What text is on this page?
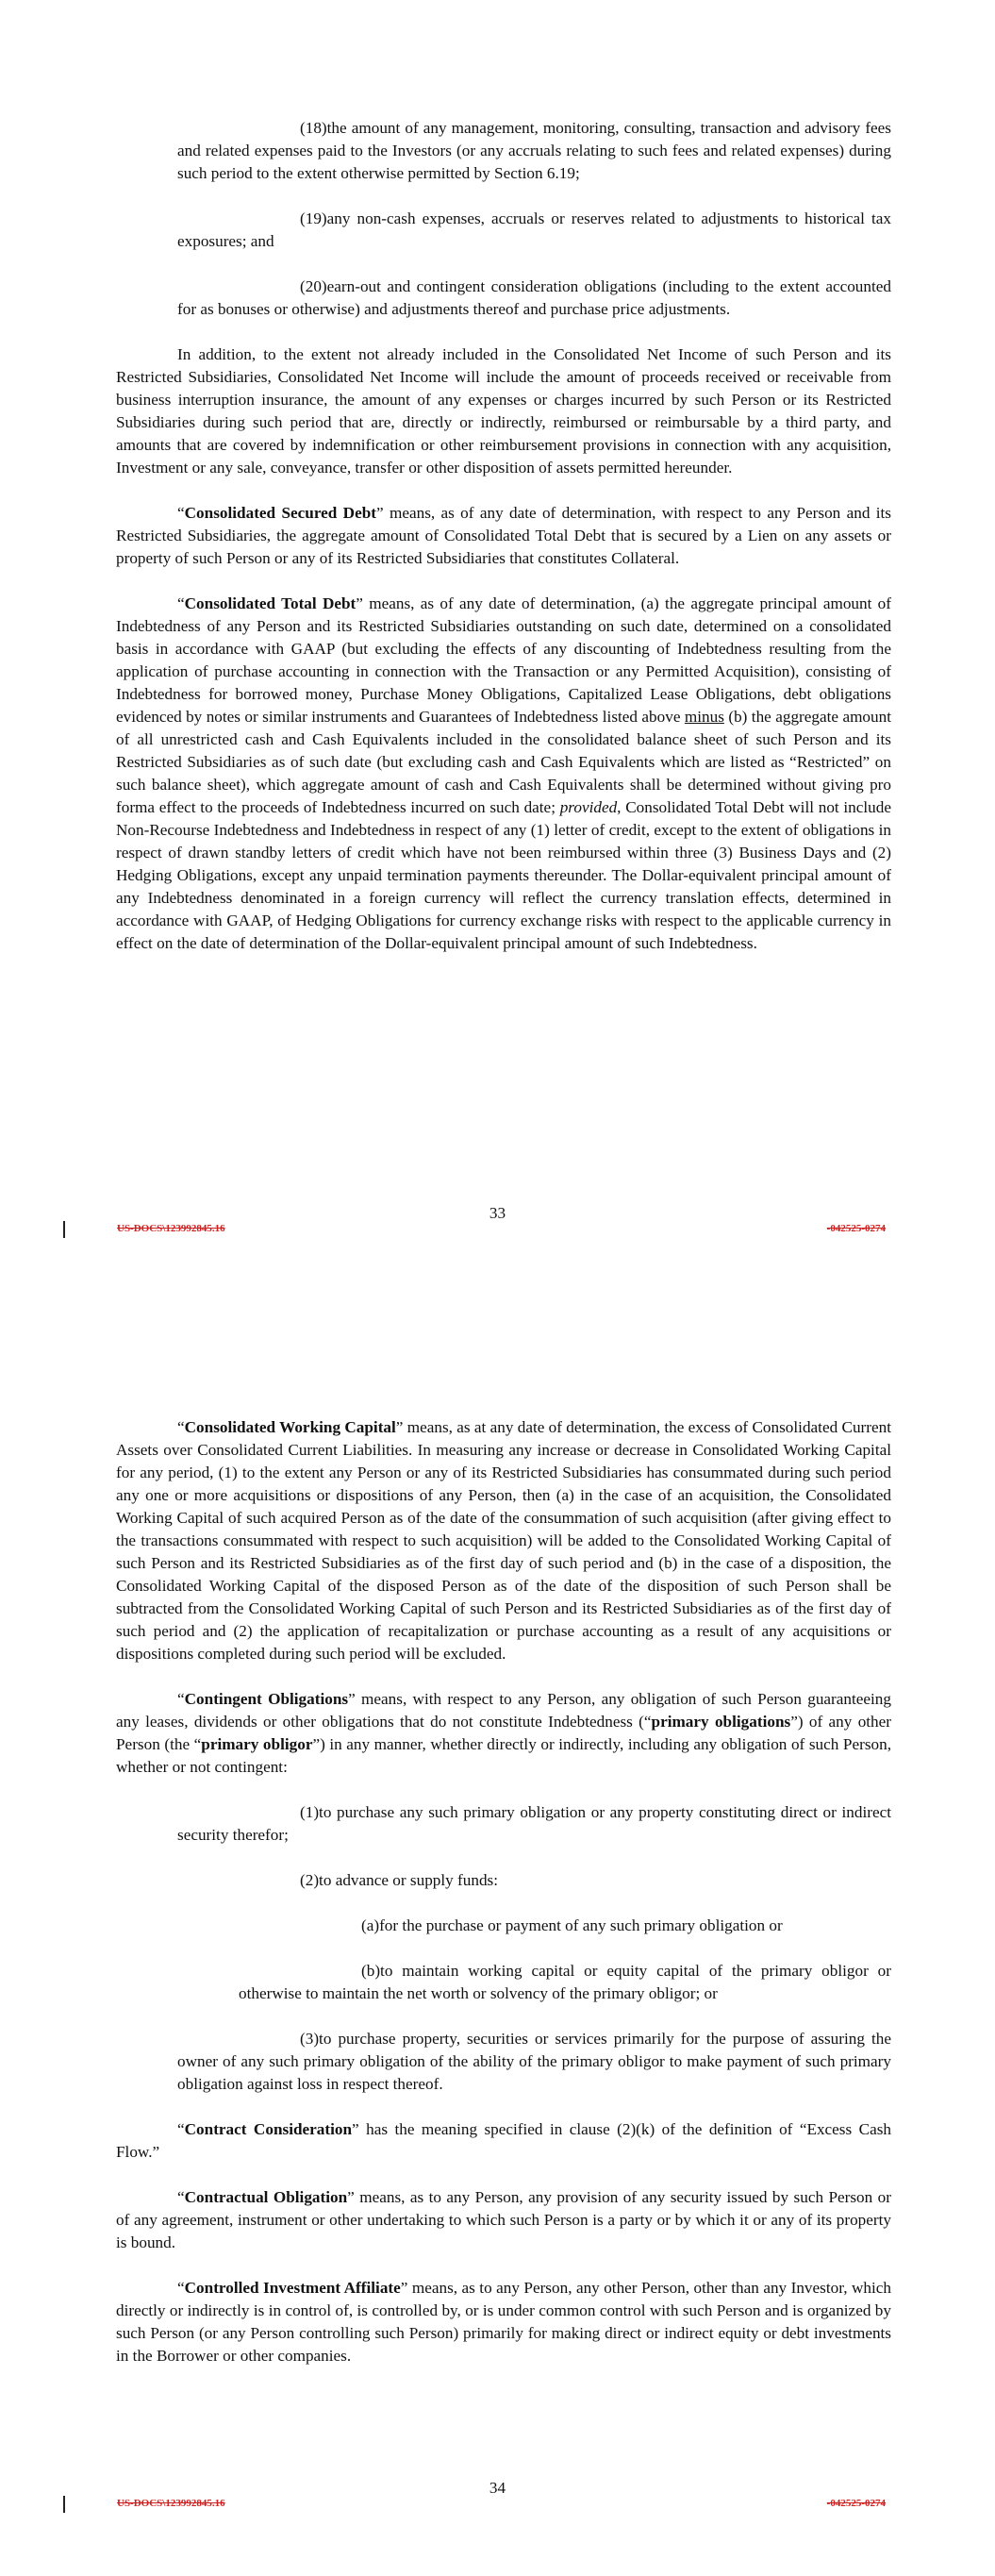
(18)the amount of any management, monitoring, consulting, transaction and advisory fees and related expenses paid to the Investors (or any accruals relating to such fees and related expenses) during such period to the extent otherwise permitted by Section 6.19;

(19)any non-cash expenses, accruals or reserves related to adjustments to historical tax exposures; and

(20)earn-out and contingent consideration obligations (including to the extent accounted for as bonuses or otherwise) and adjustments thereof and purchase price adjustments.

In addition, to the extent not already included in the Consolidated Net Income of such Person and its Restricted Subsidiaries, Consolidated Net Income will include the amount of proceeds received or receivable from business interruption insurance, the amount of any expenses or charges incurred by such Person or its Restricted Subsidiaries during such period that are, directly or indirectly, reimbursed or reimbursable by a third party, and amounts that are covered by indemnification or other reimbursement provisions in connection with any acquisition, Investment or any sale, conveyance, transfer or other disposition of assets permitted hereunder.

“Consolidated Secured Debt” means, as of any date of determination, with respect to any Person and its Restricted Subsidiaries, the aggregate amount of Consolidated Total Debt that is secured by a Lien on any assets or property of such Person or any of its Restricted Subsidiaries that constitutes Collateral.

“Consolidated Total Debt” means, as of any date of determination, (a) the aggregate principal amount of Indebtedness of any Person and its Restricted Subsidiaries outstanding on such date, determined on a consolidated basis in accordance with GAAP (but excluding the effects of any discounting of Indebtedness resulting from the application of purchase accounting in connection with the Transaction or any Permitted Acquisition), consisting of Indebtedness for borrowed money, Purchase Money Obligations, Capitalized Lease Obligations, debt obligations evidenced by notes or similar instruments and Guarantees of Indebtedness listed above minus (b) the aggregate amount of all unrestricted cash and Cash Equivalents included in the consolidated balance sheet of such Person and its Restricted Subsidiaries as of such date (but excluding cash and Cash Equivalents which are listed as “Restricted” on such balance sheet), which aggregate amount of cash and Cash Equivalents shall be determined without giving pro forma effect to the proceeds of Indebtedness incurred on such date; provided, Consolidated Total Debt will not include Non-Recourse Indebtedness and Indebtedness in respect of any (1) letter of credit, except to the extent of obligations in respect of drawn standby letters of credit which have not been reimbursed within three (3) Business Days and (2) Hedging Obligations, except any unpaid termination payments thereunder. The Dollar-equivalent principal amount of any Indebtedness denominated in a foreign currency will reflect the currency translation effects, determined in accordance with GAAP, of Hedging Obligations for currency exchange risks with respect to the applicable currency in effect on the date of determination of the Dollar-equivalent principal amount of such Indebtedness.

33
US-DOCS\123992845.16	-042525-0274

“Consolidated Working Capital” means, as at any date of determination, the excess of Consolidated Current Assets over Consolidated Current Liabilities. In measuring any increase or decrease in Consolidated Working Capital for any period, (1) to the extent any Person or any of its Restricted Subsidiaries has consummated during such period any one or more acquisitions or dispositions of any Person, then (a) in the case of an acquisition, the Consolidated Working Capital of such acquired Person as of the date of the consummation of such acquisition (after giving effect to the transactions consummated with respect to such acquisition) will be added to the Consolidated Working Capital of such Person and its Restricted Subsidiaries as of the first day of such period and (b) in the case of a disposition, the Consolidated Working Capital of the disposed Person as of the date of the disposition of such Person shall be subtracted from the Consolidated Working Capital of such Person and its Restricted Subsidiaries as of the first day of such period and (2) the application of recapitalization or purchase accounting as a result of any acquisitions or dispositions completed during such period will be excluded.

“Contingent Obligations” means, with respect to any Person, any obligation of such Person guaranteeing any leases, dividends or other obligations that do not constitute Indebtedness (“primary obligations”) of any other Person (the “primary obligor”) in any manner, whether directly or indirectly, including any obligation of such Person, whether or not contingent:

(1)to purchase any such primary obligation or any property constituting direct or indirect security therefor;

(2)to advance or supply funds:

(a)for the purchase or payment of any such primary obligation or

(b)to maintain working capital or equity capital of the primary obligor or otherwise to maintain the net worth or solvency of the primary obligor; or

(3)to purchase property, securities or services primarily for the purpose of assuring the owner of any such primary obligation of the ability of the primary obligor to make payment of such primary obligation against loss in respect thereof.

“Contract Consideration” has the meaning specified in clause (2)(k) of the definition of “Excess Cash Flow.”

“Contractual Obligation” means, as to any Person, any provision of any security issued by such Person or of any agreement, instrument or other undertaking to which such Person is a party or by which it or any of its property is bound.

“Controlled Investment Affiliate” means, as to any Person, any other Person, other than any Investor, which directly or indirectly is in control of, is controlled by, or is under common control with such Person and is organized by such Person (or any Person controlling such Person) primarily for making direct or indirect equity or debt investments in the Borrower or other companies.

34
US-DOCS\123992845.16	-042525-0274
